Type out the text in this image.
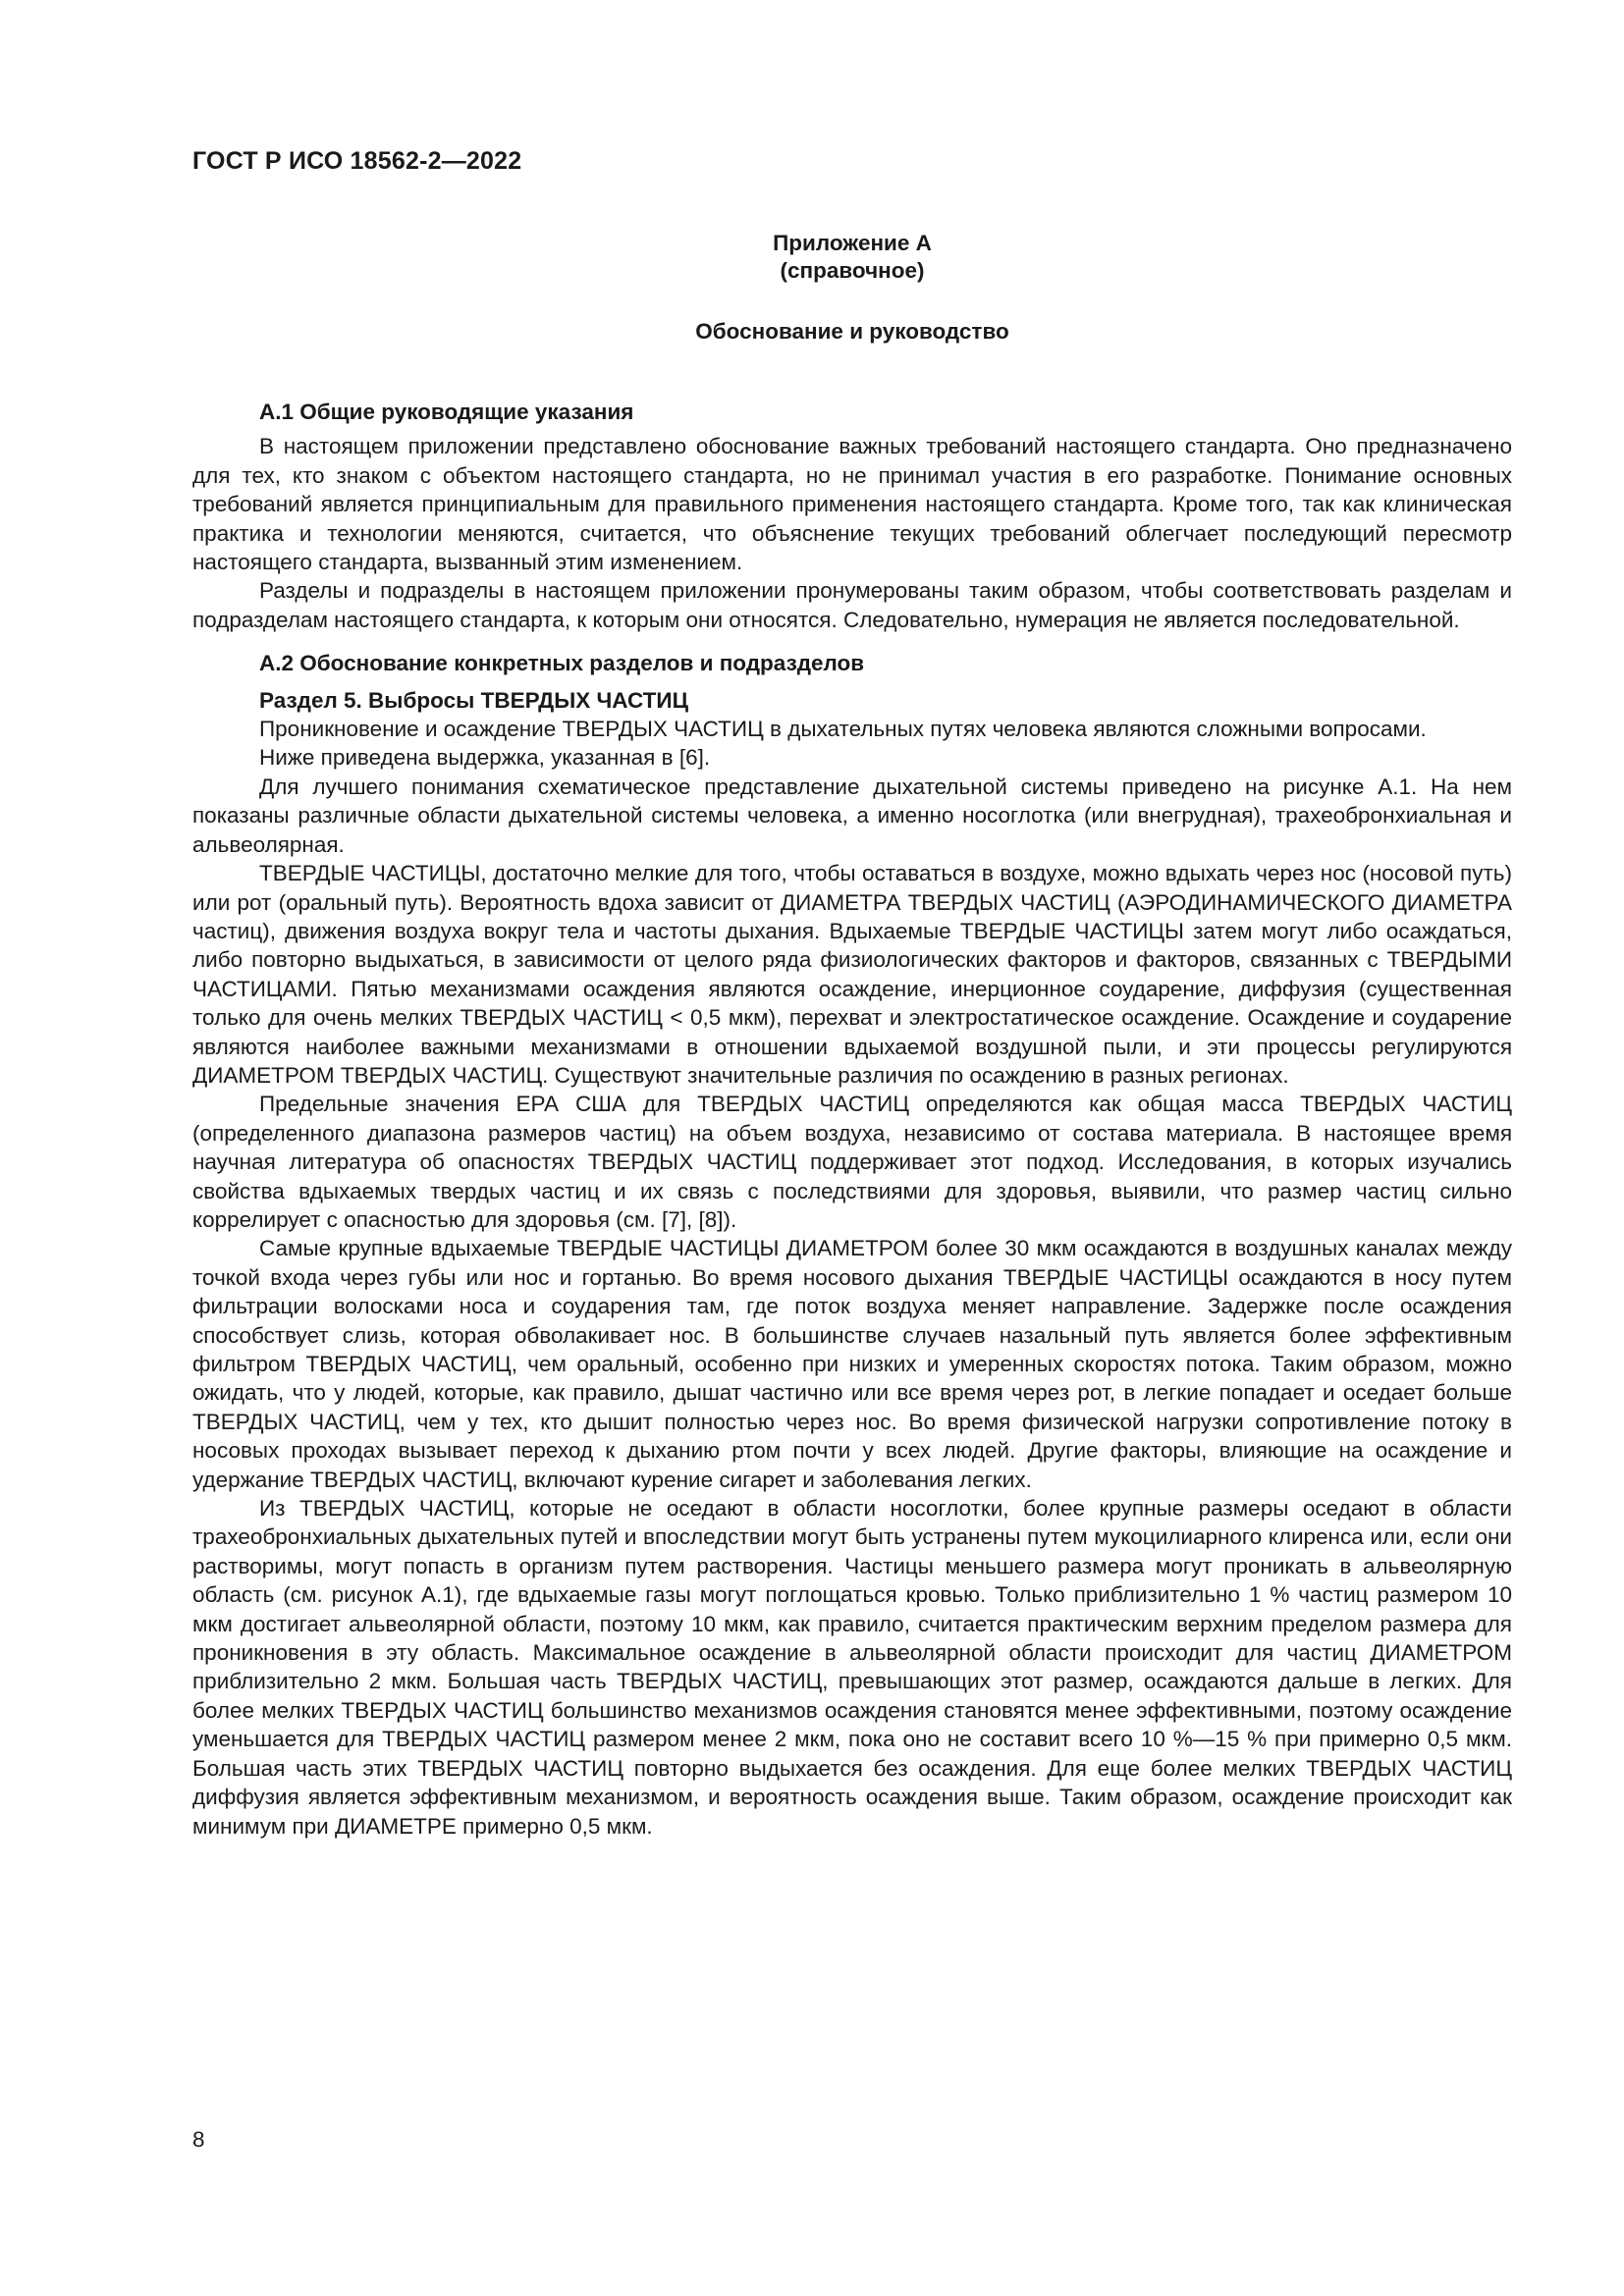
ГОСТ Р ИСО 18562-2—2022
Приложение А
(справочное)
Обоснование и руководство

А.1 Общие руководящие указания

В настоящем приложении представлено обоснование важных требований настоящего стандарта. Оно предназначено для тех, кто знаком с объектом настоящего стандарта, но не принимал участия в его разработке. Понимание основных требований является принципиальным для правильного применения настоящего стандарта. Кроме того, так как клиническая практика и технологии меняются, считается, что объяснение текущих требований облегчает последующий пересмотр настоящего стандарта, вызванный этим изменением.

Разделы и подразделы в настоящем приложении пронумерованы таким образом, чтобы соответствовать разделам и подразделам настоящего стандарта, к которым они относятся. Следовательно, нумерация не является последовательной.

А.2 Обоснование конкретных разделов и подразделов

Раздел 5. Выбросы ТВЕРДЫХ ЧАСТИЦ

Проникновение и осаждение ТВЕРДЫХ ЧАСТИЦ в дыхательных путях человека являются сложными вопросами.

Ниже приведена выдержка, указанная в [6].

Для лучшего понимания схематическое представление дыхательной системы приведено на рисунке А.1. На нем показаны различные области дыхательной системы человека, а именно носоглотка (или внегрудная), трахеобронхиальная и альвеолярная.

ТВЕРДЫЕ ЧАСТИЦЫ, достаточно мелкие для того, чтобы оставаться в воздухе, можно вдыхать через нос (носовой путь) или рот (оральный путь). Вероятность вдоха зависит от ДИАМЕТРА ТВЕРДЫХ ЧАСТИЦ (АЭРОДИНАМИЧЕСКОГО ДИАМЕТРА частиц), движения воздуха вокруг тела и частоты дыхания. Вдыхаемые ТВЕРДЫЕ ЧАСТИЦЫ затем могут либо осаждаться, либо повторно выдыхаться, в зависимости от целого ряда физиологических факторов и факторов, связанных с ТВЕРДЫМИ ЧАСТИЦАМИ. Пятью механизмами осаждения являются осаждение, инерционное соударение, диффузия (существенная только для очень мелких ТВЕРДЫХ ЧАСТИЦ < 0,5 мкм), перехват и электростатическое осаждение. Осаждение и соударение являются наиболее важными механизмами в отношении вдыхаемой воздушной пыли, и эти процессы регулируются ДИАМЕТРОМ ТВЕРДЫХ ЧАСТИЦ. Существуют значительные различия по осаждению в разных регионах.

Предельные значения ЕРА США для ТВЕРДЫХ ЧАСТИЦ определяются как общая масса ТВЕРДЫХ ЧАСТИЦ (определенного диапазона размеров частиц) на объем воздуха, независимо от состава материала. В настоящее время научная литература об опасностях ТВЕРДЫХ ЧАСТИЦ поддерживает этот подход. Исследования, в которых изучались свойства вдыхаемых твердых частиц и их связь с последствиями для здоровья, выявили, что размер частиц сильно коррелирует с опасностью для здоровья (см. [7], [8]).

Самые крупные вдыхаемые ТВЕРДЫЕ ЧАСТИЦЫ ДИАМЕТРОМ более 30 мкм осаждаются в воздушных каналах между точкой входа через губы или нос и гортанью. Во время носового дыхания ТВЕРДЫЕ ЧАСТИЦЫ осаждаются в носу путем фильтрации волосками носа и соударения там, где поток воздуха меняет направление. Задержке после осаждения способствует слизь, которая обволакивает нос. В большинстве случаев назальный путь является более эффективным фильтром ТВЕРДЫХ ЧАСТИЦ, чем оральный, особенно при низких и умеренных скоростях потока. Таким образом, можно ожидать, что у людей, которые, как правило, дышат частично или все время через рот, в легкие попадает и оседает больше ТВЕРДЫХ ЧАСТИЦ, чем у тех, кто дышит полностью через нос. Во время физической нагрузки сопротивление потоку в носовых проходах вызывает переход к дыханию ртом почти у всех людей. Другие факторы, влияющие на осаждение и удержание ТВЕРДЫХ ЧАСТИЦ, включают курение сигарет и заболевания легких.

Из ТВЕРДЫХ ЧАСТИЦ, которые не оседают в области носоглотки, более крупные размеры оседают в области трахеобронхиальных дыхательных путей и впоследствии могут быть устранены путем мукоцилиарного клиренса или, если они растворимы, могут попасть в организм путем растворения. Частицы меньшего размера могут проникать в альвеолярную область (см. рисунок А.1), где вдыхаемые газы могут поглощаться кровью. Только приблизительно 1 % частиц размером 10 мкм достигает альвеолярной области, поэтому 10 мкм, как правило, считается практическим верхним пределом размера для проникновения в эту область. Максимальное осаждение в альвеолярной области происходит для частиц ДИАМЕТРОМ приблизительно 2 мкм. Большая часть ТВЕРДЫХ ЧАСТИЦ, превышающих этот размер, осаждаются дальше в легких. Для более мелких ТВЕРДЫХ ЧАСТИЦ большинство механизмов осаждения становятся менее эффективными, поэтому осаждение уменьшается для ТВЕРДЫХ ЧАСТИЦ размером менее 2 мкм, пока оно не составит всего 10 %—15 % при примерно 0,5 мкм. Большая часть этих ТВЕРДЫХ ЧАСТИЦ повторно выдыхается без осаждения. Для еще более мелких ТВЕРДЫХ ЧАСТИЦ диффузия является эффективным механизмом, и вероятность осаждения выше. Таким образом, осаждение происходит как минимум при ДИАМЕТРЕ примерно 0,5 мкм.

8
